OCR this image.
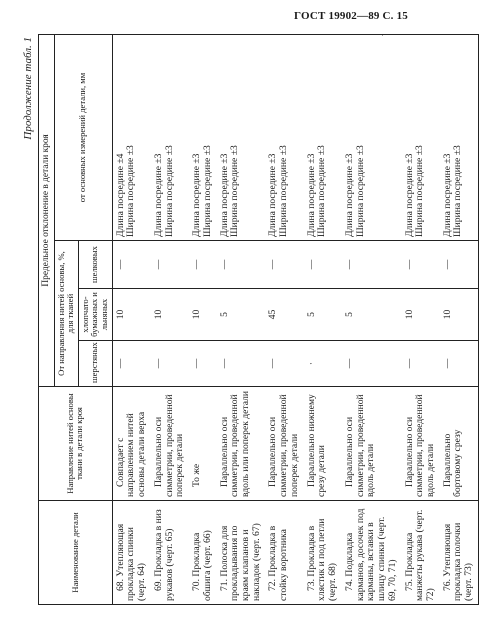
ГОСТ 19902—89 С. 15
·
Продолжение табл. 1
Наименование детали	Направление нитей основы ткани в детали кроя	Предельное отклонение в детали кроя			
		От направления нитей основы, %, для тканей			от основных измерений детали, мм
		шерстяных	хлопчато-бумажных и льняных	шелковых	
68. Утепляющая прокладка спинки (черт. 64)	Совпадает с направлением нитей основы детали верха	—	10	—	Длина посредине ±4 Ширина посредине ±3

69. Прокладка в низ рукавов (черт. 65)	Параллельно оси симметрии, проведенной поперек детали	—	10	—	Длина посредине ±3 Ширина посредине ±3

70. Прокладка обшига (черт. 66)	То же	—	10	—	Длина посредине ±3 Ширина посредине ±3

71. Полоска для прокладывания по краям клапанов и накладок (черт. 67)	Параллельно оси симметрии, проведенной вдоль или поперек детали	—	5	—	Длина посредине ±3 Ширина посредине ±3

72. Прокладка в стойку воротника	Параллельно оси симметрии, проведенной поперек детали	—	45	—	Длина посредине ±3 Ширина посредине ±3

73. Прокладка в хлястик и под петли (черт. 68)	Параллельно нижнему срезу детали	·	5	—	Длина посредине ±3 Ширина посредине ±3

74. Подкладка карманов, досочек под карманы, вставки в шлицу спинки (черт. 69, 70, 71)	Параллельно оси симметрии, проведенной вдоль детали	—	5	—	Длина посредине ±3 Ширина посредине ±3

75. Прокладка манжеты рукава (черт. 72)	Параллельно оси симметрии, проведенной вдоль детали	—	10	—	Длина посредине ±3 Ширина посредине ±3

76. Утепляющая прокладка полочки (черт. 73)	Параллельно бортовому срезу	—	10	—	Длина посредине ±3 Ширина посредине ±3
